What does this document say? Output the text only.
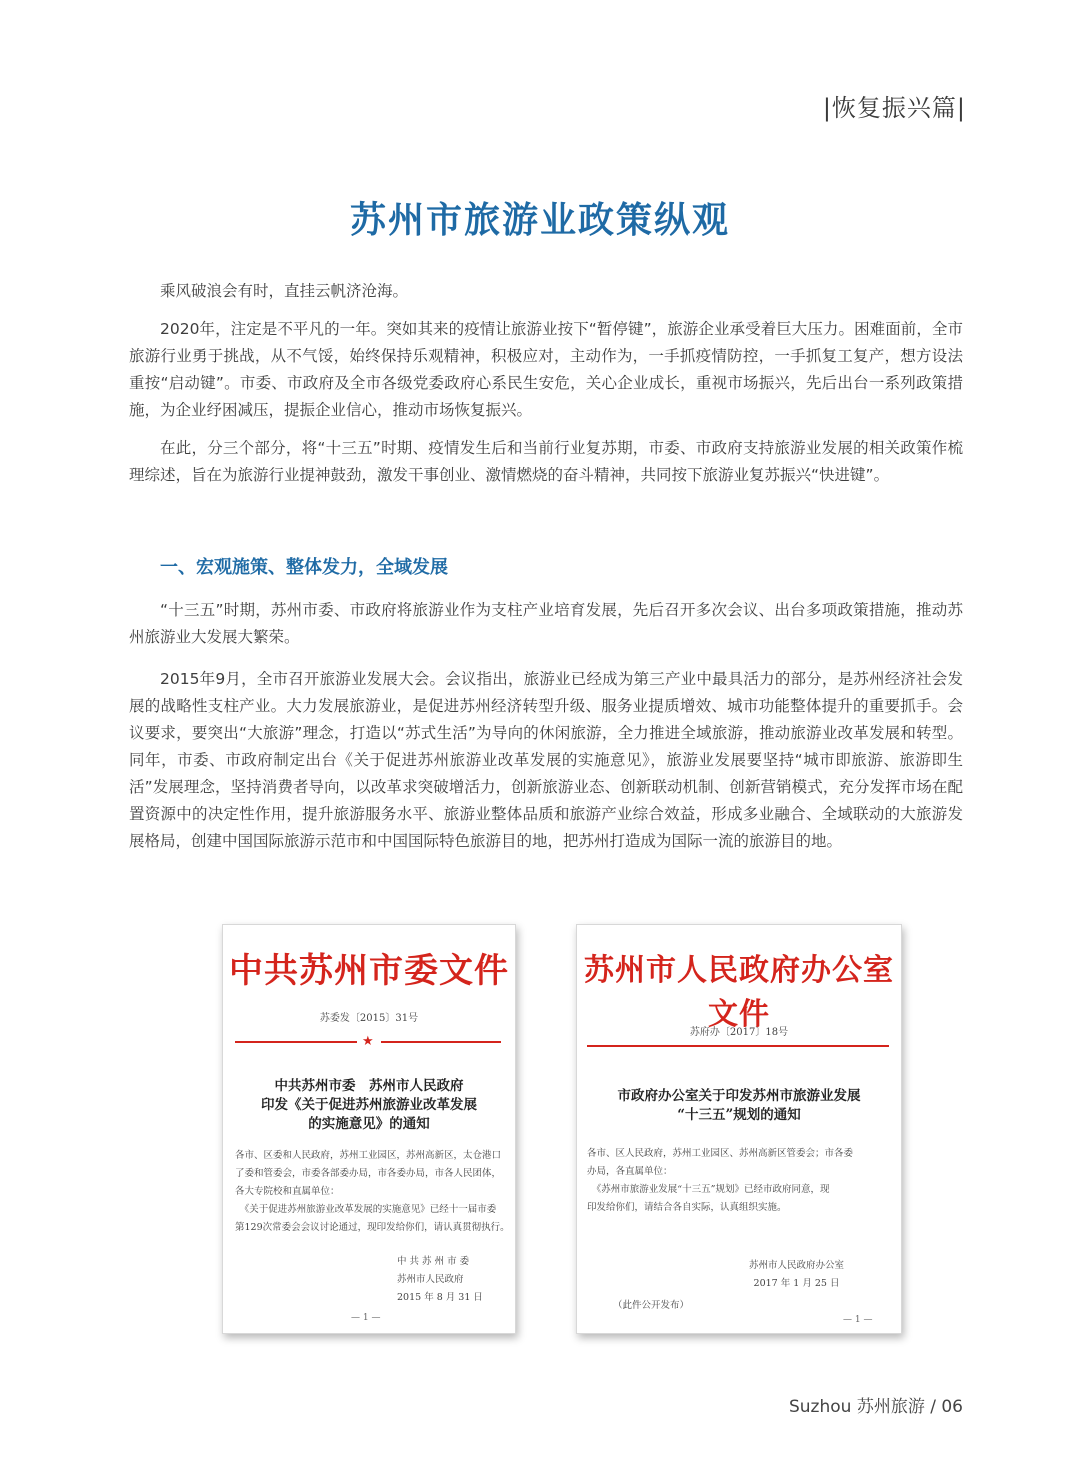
|恢复振兴篇|
苏州市旅游业政策纵观

乘风破浪会有时，直挂云帆济沧海。

2020年，注定是不平凡的一年。突如其来的疫情让旅游业按下“暂停键”，旅游企业承受着巨大压力。困难面前，全市旅游行业勇于挑战，从不气馁，始终保持乐观精神，积极应对，主动作为，一手抓疫情防控，一手抓复工复产，想方设法重按“启动键”。市委、市政府及全市各级党委政府心系民生安危，关心企业成长，重视市场振兴，先后出台一系列政策措施，为企业纾困减压，提振企业信心，推动市场恢复振兴。

在此，分三个部分，将“十三五”时期、疫情发生后和当前行业复苏期，市委、市政府支持旅游业发展的相关政策作梳理综述，旨在为旅游行业提神鼓劲，激发干事创业、激情燃烧的奋斗精神，共同按下旅游业复苏振兴“快进键”。

一、宏观施策、整体发力，全域发展

“十三五”时期，苏州市委、市政府将旅游业作为支柱产业培育发展，先后召开多次会议、出台多项政策措施，推动苏州旅游业大发展大繁荣。

2015年9月，全市召开旅游业发展大会。会议指出，旅游业已经成为第三产业中最具活力的部分，是苏州经济社会发展的战略性支柱产业。大力发展旅游业，是促进苏州经济转型升级、服务业提质增效、城市功能整体提升的重要抓手。会议要求，要突出“大旅游”理念，打造以“苏式生活”为导向的休闲旅游，全力推进全域旅游，推动旅游业改革发展和转型。同年，市委、市政府制定出台《关于促进苏州旅游业改革发展的实施意见》，旅游业发展要坚持“城市即旅游、旅游即生活”发展理念，坚持消费者导向，以改革求突破增活力，创新旅游业态、创新联动机制、创新营销模式，充分发挥市场在配置资源中的决定性作用，提升旅游服务水平、旅游业整体品质和旅游产业综合效益，形成多业融合、全域联动的大旅游发展格局，创建中国国际旅游示范市和中国国际特色旅游目的地，把苏州打造成为国际一流的旅游目的地。

中共苏州市委文件
苏委发〔2015〕31号
★
中共苏州市委　苏州市人民政府
印发《关于促进苏州旅游业改革发展
的实施意见》的通知
各市、区委和人民政府，苏州工业园区，苏州高新区，太仓港口
了委和管委会，市委各部委办局，市各委办局，市各人民团体，
各大专院校和直属单位：
　《关于促进苏州旅游业改革发展的实施意见》已经十一届市委
第129次常委会会议讨论通过，现印发给你们，请认真贯彻执行。
中 共 苏 州 市 委
苏州市人民政府
2015 年 8 月 31 日
— 1 —
苏州市人民政府办公室文件
苏府办〔2017〕18号
市政府办公室关于印发苏州市旅游业发展
“十三五”规划的通知
各市、区人民政府，苏州工业园区、苏州高新区管委会；市各委
办局，各直属单位：
　《苏州市旅游业发展“十三五”规划》已经市政府同意，现
印发给你们，请结合各自实际，认真组织实施。
苏州市人民政府办公室
2017 年 1 月 25 日
（此件公开发布）
— 1 —
Suzhou 苏州旅游 / 06
